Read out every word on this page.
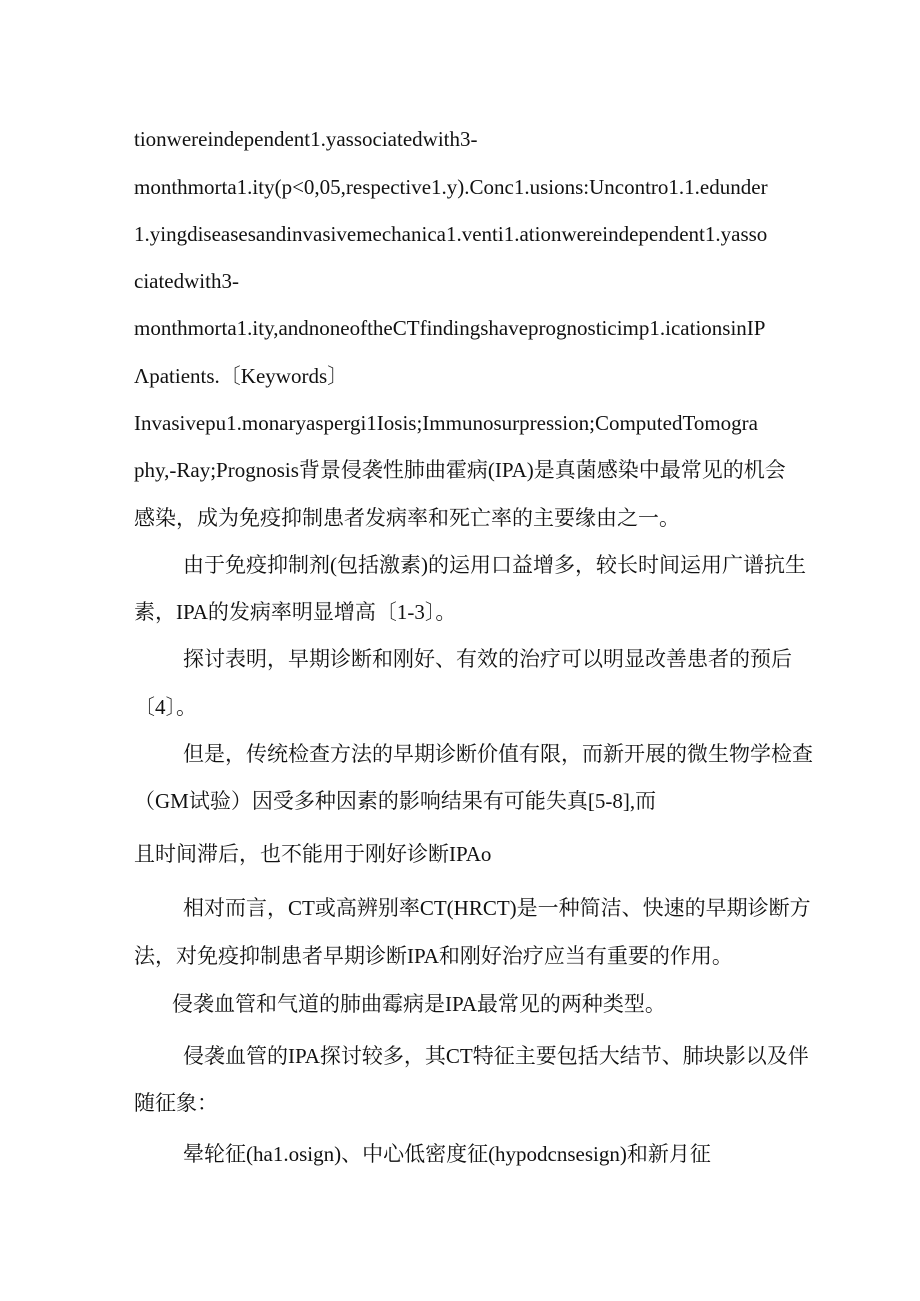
tionwereindependent1.yassociatedwith3-
monthmorta1.ity(p<0,05,respective1.y).Conc1.usions:Uncontro1.1.edunder
1.yingdiseasesandinvasivemechanica1.venti1.ationwereindependent1.yasso
ciatedwith3-
monthmorta1.ity,andnoneoftheCTfindingshaveprognosticimp1.icationsinIP
Λpatients.〔Keywords〕
Invasivepu1.monaryaspergi1Iosis;Immunosurpression;ComputedTomogra
phy,-Ray;Prognosis背景侵袭性肺曲霍病(IPA)是真菌感染中最常见的机会
感染，成为免疫抑制患者发病率和死亡率的主要缘由之一。
由于免疫抑制剂(包括激素)的运用口益增多，较长时间运用广谱抗生
素，IPA的发病率明显增高〔1-3〕。
探讨表明，早期诊断和刚好、有效的治疗可以明显改善患者的预后
〔4〕。
但是，传统检查方法的早期诊断价值有限，而新开展的微生物学检查
（GM试验）因受多种因素的影响结果有可能失真[5-8],而
且时间滞后，也不能用于刚好诊断IPAo
相对而言，CT或高辨别率CT(HRCT)是一种简洁、快速的早期诊断方
法，对免疫抑制患者早期诊断IPA和刚好治疗应当有重要的作用。
侵袭血管和气道的肺曲霉病是IPA最常见的两种类型。
侵袭血管的IPA探讨较多，其CT特征主要包括大结节、肺块影以及伴
随征象：
晕轮征(ha1.osign)、中心低密度征(hypodcnsesign)和新月征
